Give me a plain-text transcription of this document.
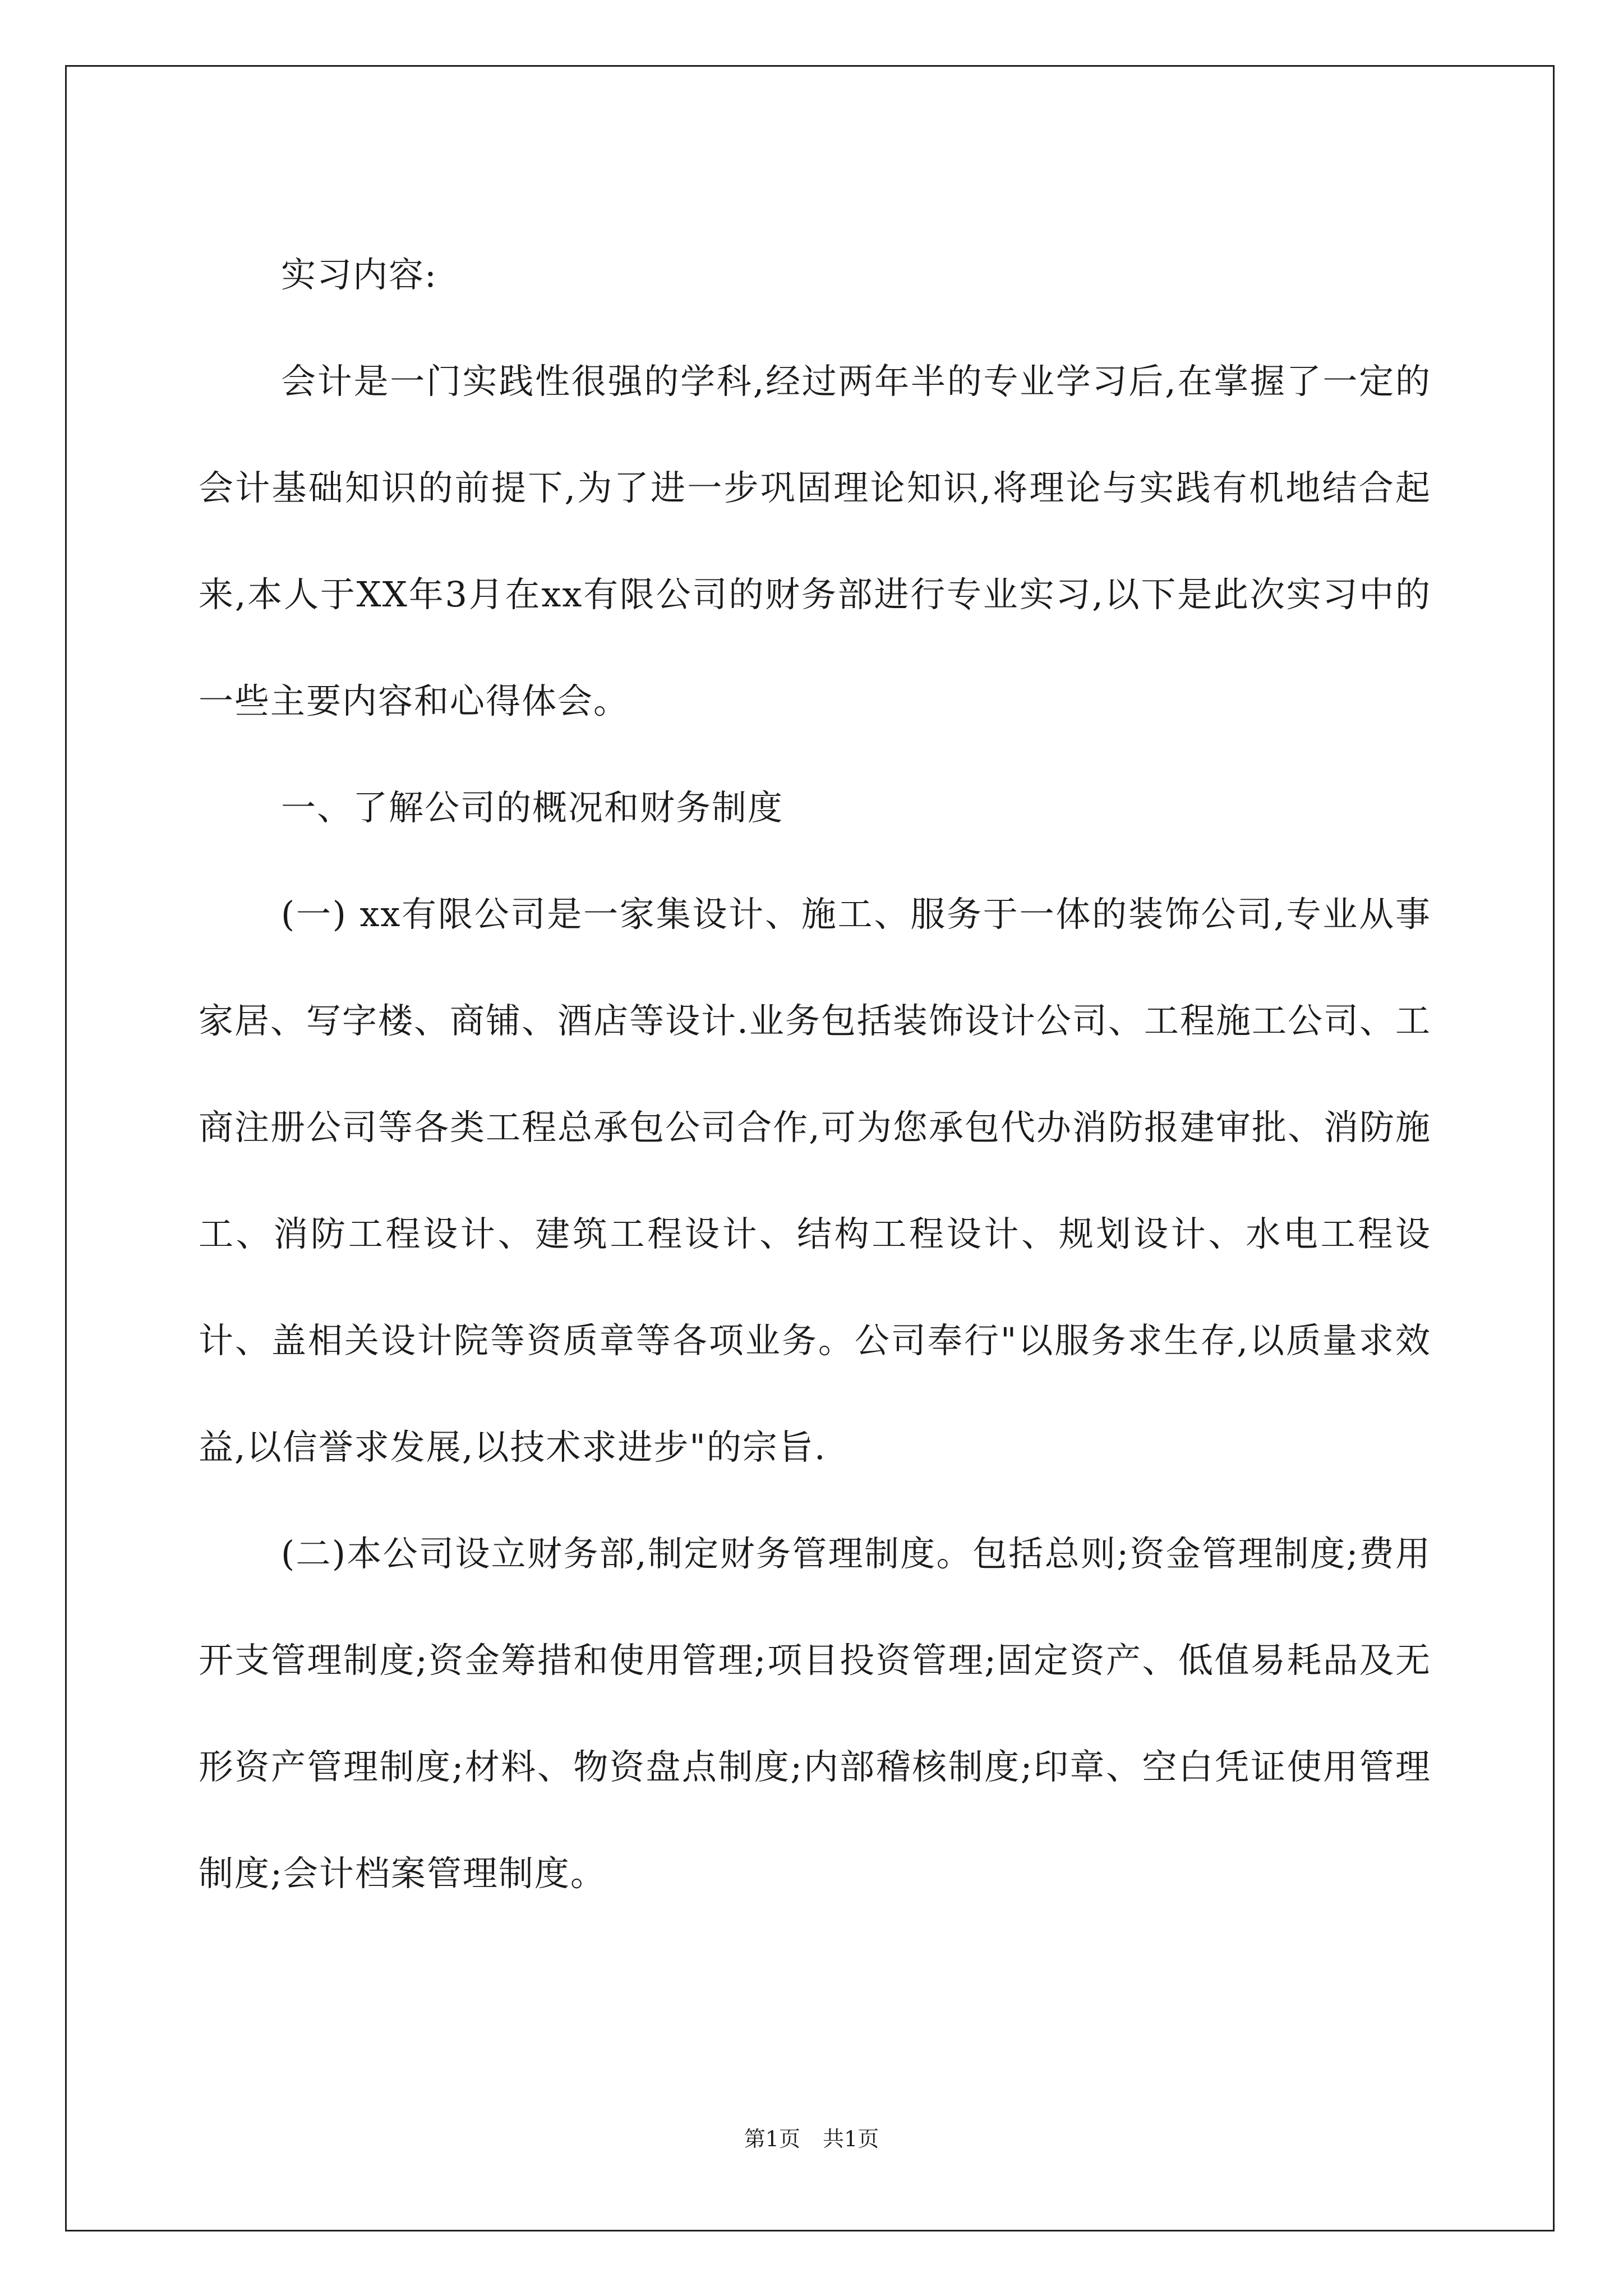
实习内容:

会计是一门实践性很强的学科,经过两年半的专业学习后,在掌握了一定的会计基础知识的前提下,为了进一步巩固理论知识,将理论与实践有机地结合起来,本人于XX年3月在xx有限公司的财务部进行专业实习,以下是此次实习中的一些主要内容和心得体会。

一、了解公司的概况和财务制度

(一) xx有限公司是一家集设计、施工、服务于一体的装饰公司,专业从事家居、写字楼、商铺、酒店等设计.业务包括装饰设计公司、工程施工公司、工商注册公司等各类工程总承包公司合作,可为您承包代办消防报建审批、消防施工、消防工程设计、建筑工程设计、结构工程设计、规划设计、水电工程设计、盖相关设计院等资质章等各项业务。公司奉行"以服务求生存,以质量求效益,以信誉求发展,以技术求进步"的宗旨.

(二)本公司设立财务部,制定财务管理制度。包括总则;资金管理制度;费用开支管理制度;资金筹措和使用管理;项目投资管理;固定资产、低值易耗品及无形资产管理制度;材料、物资盘点制度;内部稽核制度;印章、空白凭证使用管理制度;会计档案管理制度。

第1页 共1页
